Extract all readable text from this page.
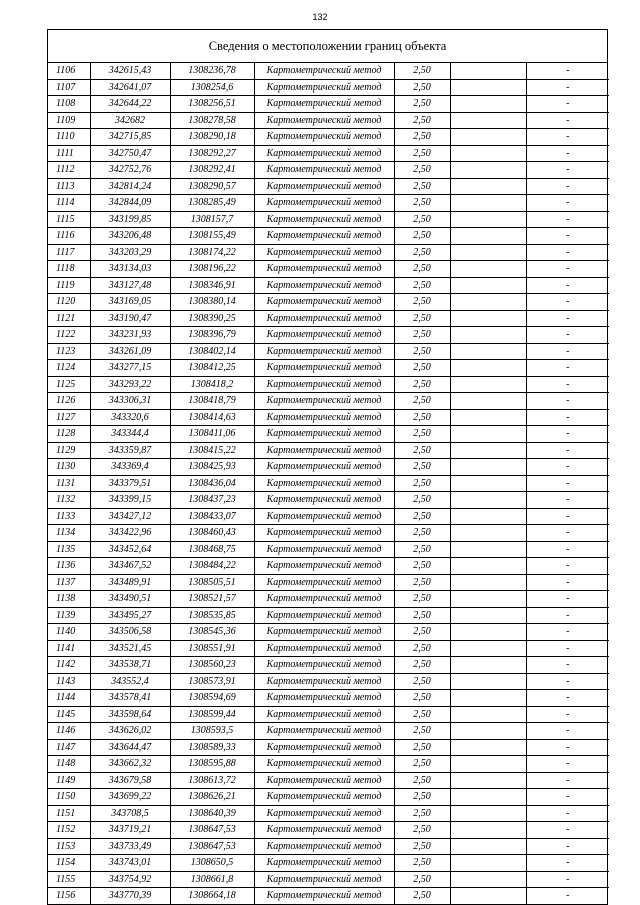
132
Сведения о местоположении границ объекта
1106	342615,43	1308236,78	Картометрический метод	2,50		-
1107	342641,07	1308254,6	Картометрический метод	2,50		-
1108	342644,22	1308256,51	Картометрический метод	2,50		-
1109	342682	1308278,58	Картометрический метод	2,50		-
1110	342715,85	1308290,18	Картометрический метод	2,50		-
1111	342750,47	1308292,27	Картометрический метод	2,50		-
1112	342752,76	1308292,41	Картометрический метод	2,50		-
1113	342814,24	1308290,57	Картометрический метод	2,50		-
1114	342844,09	1308285,49	Картометрический метод	2,50		-
1115	343199,85	1308157,7	Картометрический метод	2,50		-
1116	343206,48	1308155,49	Картометрический метод	2,50		-
1117	343203,29	1308174,22	Картометрический метод	2,50		-
1118	343134,03	1308196,22	Картометрический метод	2,50		-
1119	343127,48	1308346,91	Картометрический метод	2,50		-
1120	343169,05	1308380,14	Картометрический метод	2,50		-
1121	343190,47	1308390,25	Картометрический метод	2,50		-
1122	343231,93	1308396,79	Картометрический метод	2,50		-
1123	343261,09	1308402,14	Картометрический метод	2,50		-
1124	343277,15	1308412,25	Картометрический метод	2,50		-
1125	343293,22	1308418,2	Картометрический метод	2,50		-
1126	343306,31	1308418,79	Картометрический метод	2,50		-
1127	343320,6	1308414,63	Картометрический метод	2,50		-
1128	343344,4	1308411,06	Картометрический метод	2,50		-
1129	343359,87	1308415,22	Картометрический метод	2,50		-
1130	343369,4	1308425,93	Картометрический метод	2,50		-
1131	343379,51	1308436,04	Картометрический метод	2,50		-
1132	343399,15	1308437,23	Картометрический метод	2,50		-
1133	343427,12	1308433,07	Картометрический метод	2,50		-
1134	343422,96	1308460,43	Картометрический метод	2,50		-
1135	343452,64	1308468,75	Картометрический метод	2,50		-
1136	343467,52	1308484,22	Картометрический метод	2,50		-
1137	343489,91	1308505,51	Картометрический метод	2,50		-
1138	343490,51	1308521,57	Картометрический метод	2,50		-
1139	343495,27	1308535,85	Картометрический метод	2,50		-
1140	343506,58	1308545,36	Картометрический метод	2,50		-
1141	343521,45	1308551,91	Картометрический метод	2,50		-
1142	343538,71	1308560,23	Картометрический метод	2,50		-
1143	343552,4	1308573,91	Картометрический метод	2,50		-
1144	343578,41	1308594,69	Картометрический метод	2,50		-
1145	343598,64	1308599,44	Картометрический метод	2,50		-
1146	343626,02	1308593,5	Картометрический метод	2,50		-
1147	343644,47	1308589,33	Картометрический метод	2,50		-
1148	343662,32	1308595,88	Картометрический метод	2,50		-
1149	343679,58	1308613,72	Картометрический метод	2,50		-
1150	343699,22	1308626,21	Картометрический метод	2,50		-
1151	343708,5	1308640,39	Картометрический метод	2,50		-
1152	343719,21	1308647,53	Картометрический метод	2,50		-
1153	343733,49	1308647,53	Картометрический метод	2,50		-
1154	343743,01	1308650,5	Картометрический метод	2,50		-
1155	343754,92	1308661,8	Картометрический метод	2,50		-
1156	343770,39	1308664,18	Картометрический метод	2,50		-
